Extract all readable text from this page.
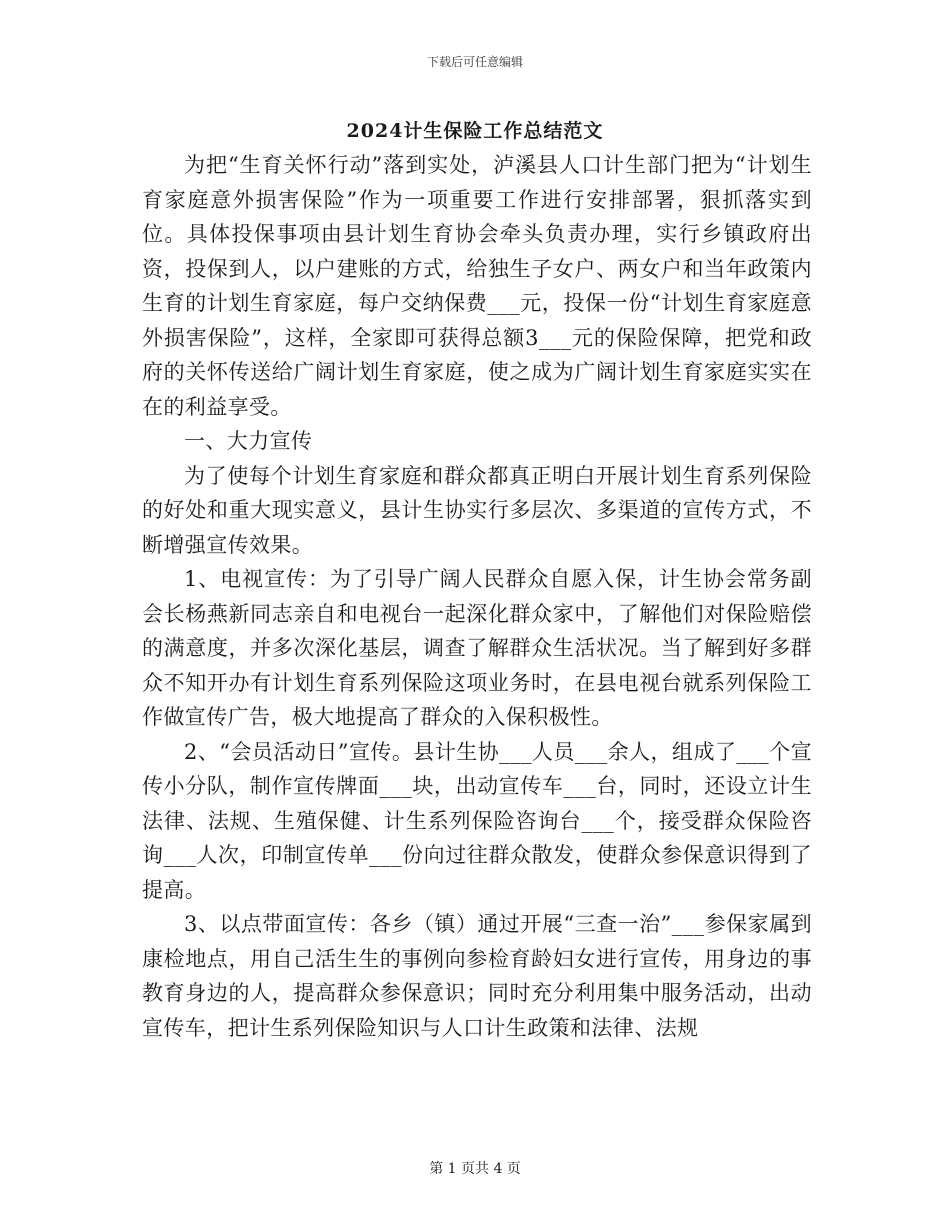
下载后可任意编辑
2024计生保险工作总结范文

为把“生育关怀行动”落到实处，泸溪县人口计生部门把为“计划生育家庭意外损害保险”作为一项重要工作进行安排部署，狠抓落实到位。具体投保事项由县计划生育协会牵头负责办理，实行乡镇政府出资，投保到人，以户建账的方式，给独生子女户、两女户和当年政策内生育的计划生育家庭，每户交纳保费___元，投保一份“计划生育家庭意外损害保险”，这样，全家即可获得总额3___元的保险保障，把党和政府的关怀传送给广阔计划生育家庭，使之成为广阔计划生育家庭实实在在的利益享受。

一、大力宣传

为了使每个计划生育家庭和群众都真正明白开展计划生育系列保险的好处和重大现实意义，县计生协实行多层次、多渠道的宣传方式，不断增强宣传效果。

1、电视宣传：为了引导广阔人民群众自愿入保，计生协会常务副会长杨燕新同志亲自和电视台一起深化群众家中，了解他们对保险赔偿的满意度，并多次深化基层，调查了解群众生活状况。当了解到好多群众不知开办有计划生育系列保险这项业务时，在县电视台就系列保险工作做宣传广告，极大地提高了群众的入保积极性。

2、“会员活动日”宣传。县计生协___人员___余人，组成了___个宣传小分队，制作宣传牌面___块，出动宣传车___台，同时，还设立计生法律、法规、生殖保健、计生系列保险咨询台___个，接受群众保险咨询___人次，印制宣传单___份向过往群众散发，使群众参保意识得到了提高。

3、以点带面宣传：各乡（镇）通过开展“三查一治”___参保家属到康检地点，用自己活生生的事例向参检育龄妇女进行宣传，用身边的事教育身边的人，提高群众参保意识；同时充分利用集中服务活动，出动宣传车，把计生系列保险知识与人口计生政策和法律、法规

第 1 页共 4 页
